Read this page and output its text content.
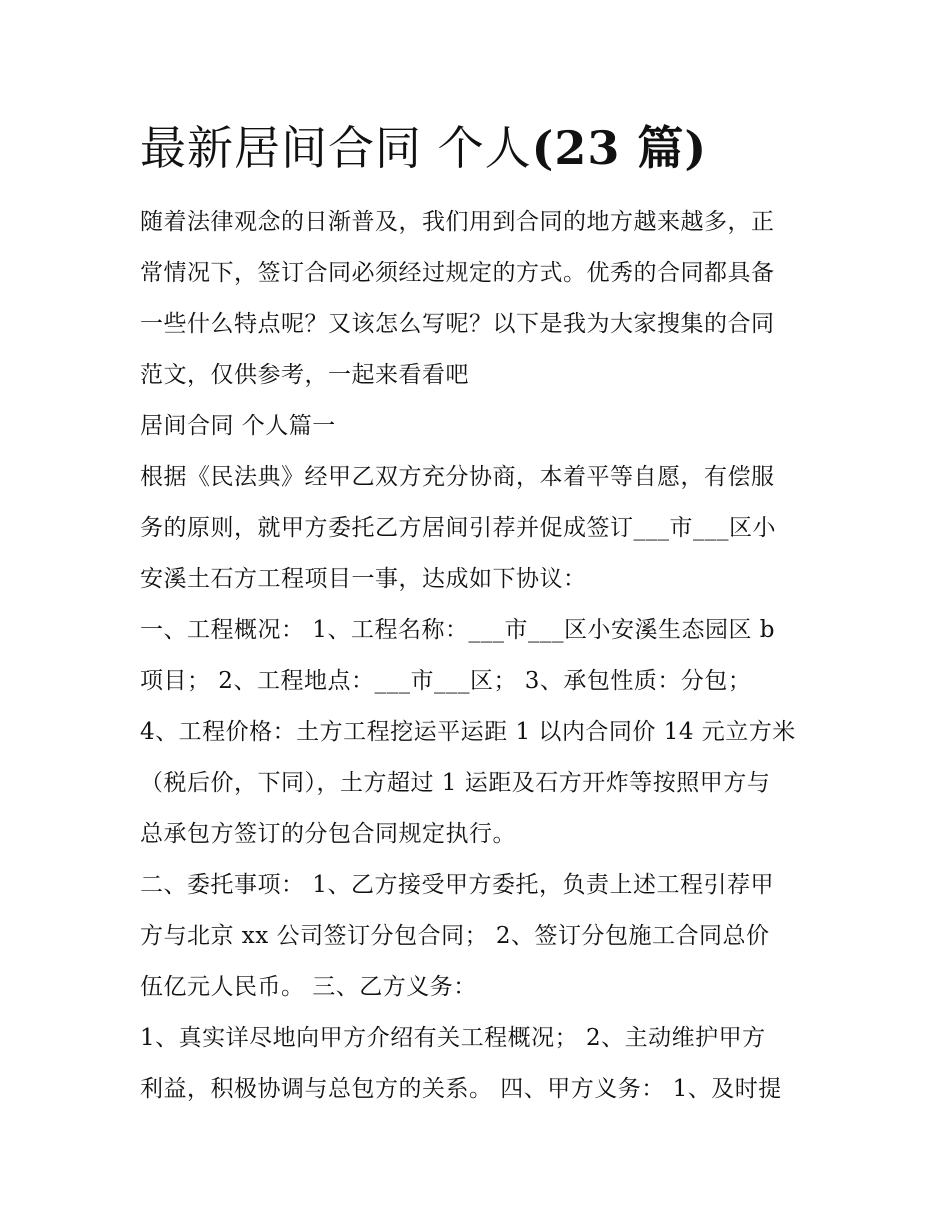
最新居间合同 个人(23 篇)

随着法律观念的日渐普及，我们用到合同的地方越来越多，正

常情况下，签订合同必须经过规定的方式。优秀的合同都具备

一些什么特点呢？又该怎么写呢？以下是我为大家搜集的合同

范文，仅供参考，一起来看看吧

居间合同 个人篇一

根据《民法典》经甲乙双方充分协商，本着平等自愿，有偿服

务的原则，就甲方委托乙方居间引荐并促成签订___市___区小

安溪土石方工程项目一事，达成如下协议：

一、工程概况： 1、工程名称：___市___区小安溪生态园区 b

项目； 2、工程地点：___市___区； 3、承包性质：分包；

4、工程价格：土方工程挖运平运距 1 以内合同价 14 元立方米

（税后价，下同），土方超过 1 运距及石方开炸等按照甲方与

总承包方签订的分包合同规定执行。

二、委托事项： 1、乙方接受甲方委托，负责上述工程引荐甲

方与北京 xx 公司签订分包合同； 2、签订分包施工合同总价

伍亿元人民币。 三、乙方义务：

1、真实详尽地向甲方介绍有关工程概况； 2、主动维护甲方

利益，积极协调与总包方的关系。 四、甲方义务： 1、及时提
